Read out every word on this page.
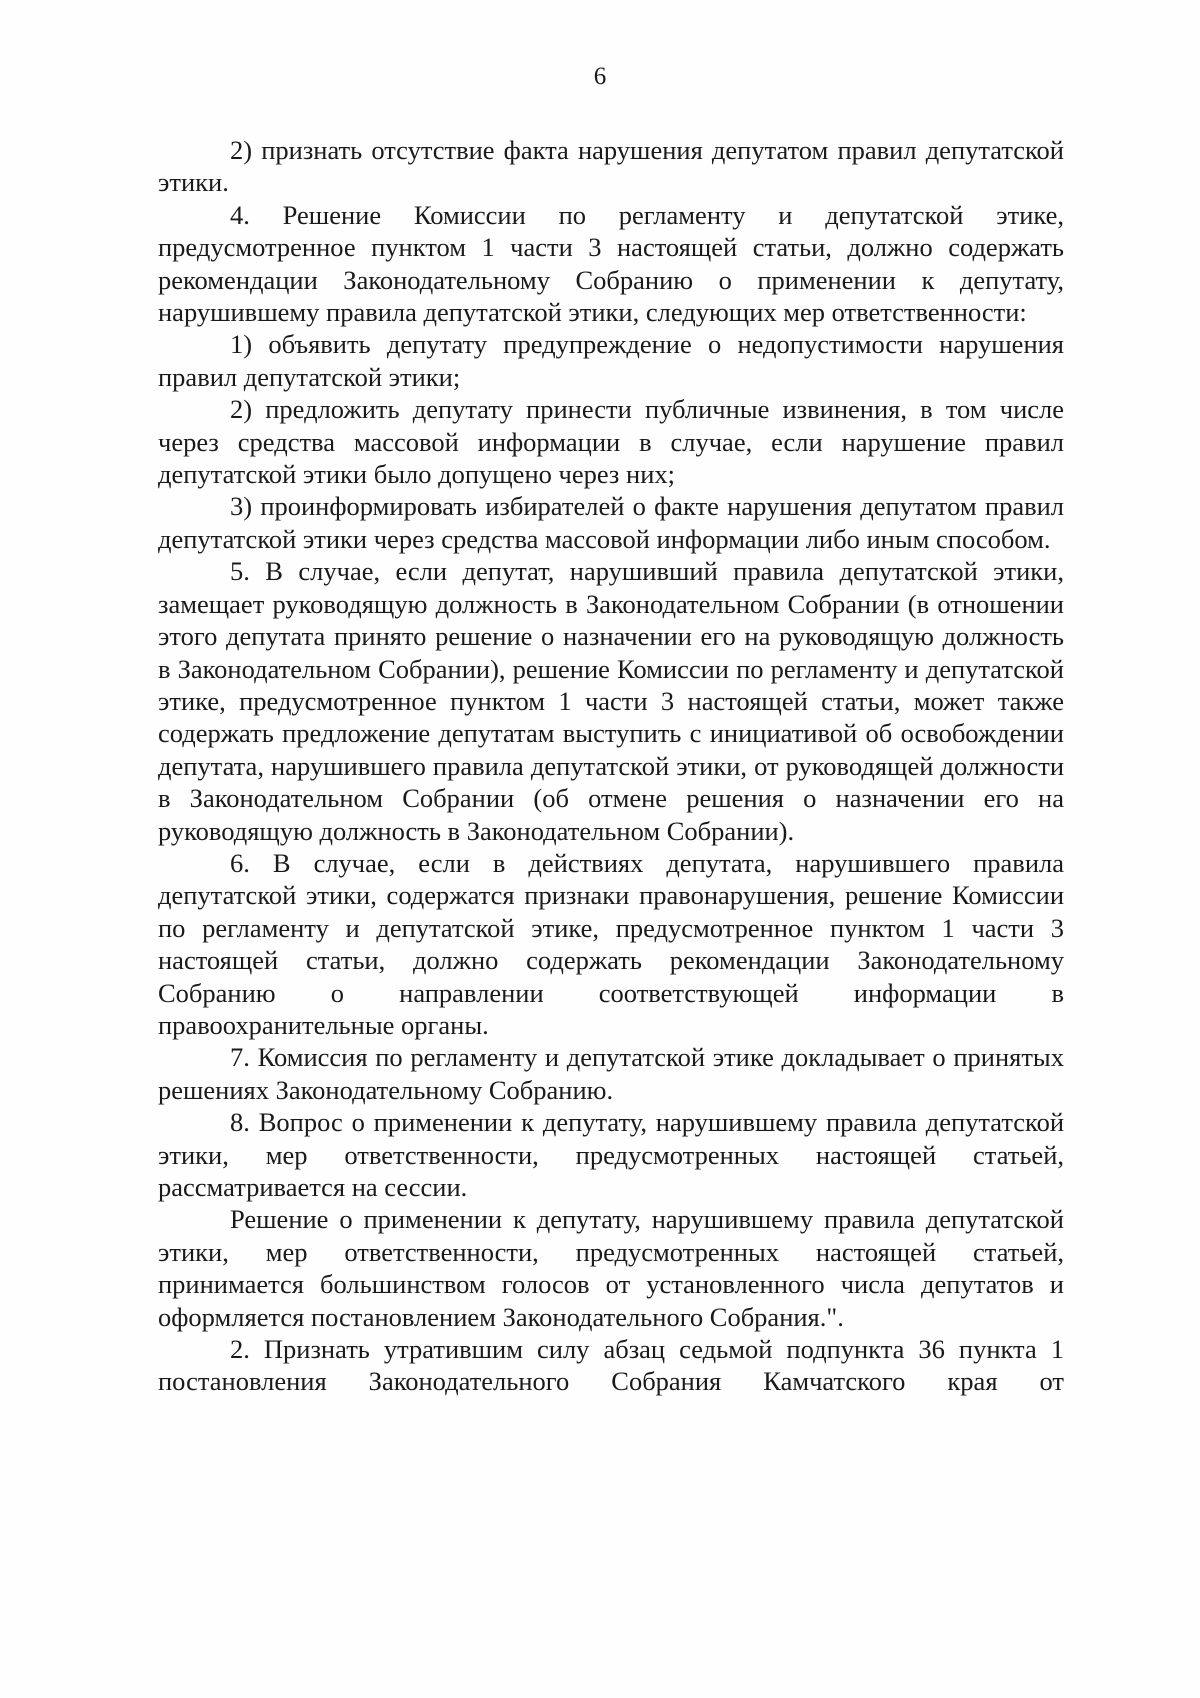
6

2) признать отсутствие факта нарушения депутатом правил депутатской этики.

4. Решение Комиссии по регламенту и депутатской этике, предусмотренное пунктом 1 части 3 настоящей статьи, должно содержать рекомендации Законодательному Собранию о применении к депутату, нарушившему правила депутатской этики, следующих мер ответственности:

1) объявить депутату предупреждение о недопустимости нарушения правил депутатской этики;

2) предложить депутату принести публичные извинения, в том числе через средства массовой информации в случае, если нарушение правил депутатской этики было допущено через них;

3) проинформировать избирателей о факте нарушения депутатом правил депутатской этики через средства массовой информации либо иным способом.

5. В случае, если депутат, нарушивший правила депутатской этики, замещает руководящую должность в Законодательном Собрании (в отношении этого депутата принято решение о назначении его на руководящую должность в Законодательном Собрании), решение Комиссии по регламенту и депутатской этике, предусмотренное пунктом 1 части 3 настоящей статьи, может также содержать предложение депутатам выступить с инициативой об освобождении депутата, нарушившего правила депутатской этики, от руководящей должности в Законодательном Собрании (об отмене решения о назначении его на руководящую должность в Законодательном Собрании).

6. В случае, если в действиях депутата, нарушившего правила депутатской этики, содержатся признаки правонарушения, решение Комиссии по регламенту и депутатской этике, предусмотренное пунктом 1 части 3 настоящей статьи, должно содержать рекомендации Законодательному Собранию о направлении соответствующей информации в правоохранительные органы.

7. Комиссия по регламенту и депутатской этике докладывает о принятых решениях Законодательному Собранию.

8. Вопрос о применении к депутату, нарушившему правила депутатской этики, мер ответственности, предусмотренных настоящей статьей, рассматривается на сессии.

Решение о применении к депутату, нарушившему правила депутатской этики, мер ответственности, предусмотренных настоящей статьей, принимается большинством голосов от установленного числа депутатов и оформляется постановлением Законодательного Собрания.".

2. Признать утратившим силу абзац седьмой подпункта 36 пункта 1 постановления Законодательного Собрания Камчатского края от
